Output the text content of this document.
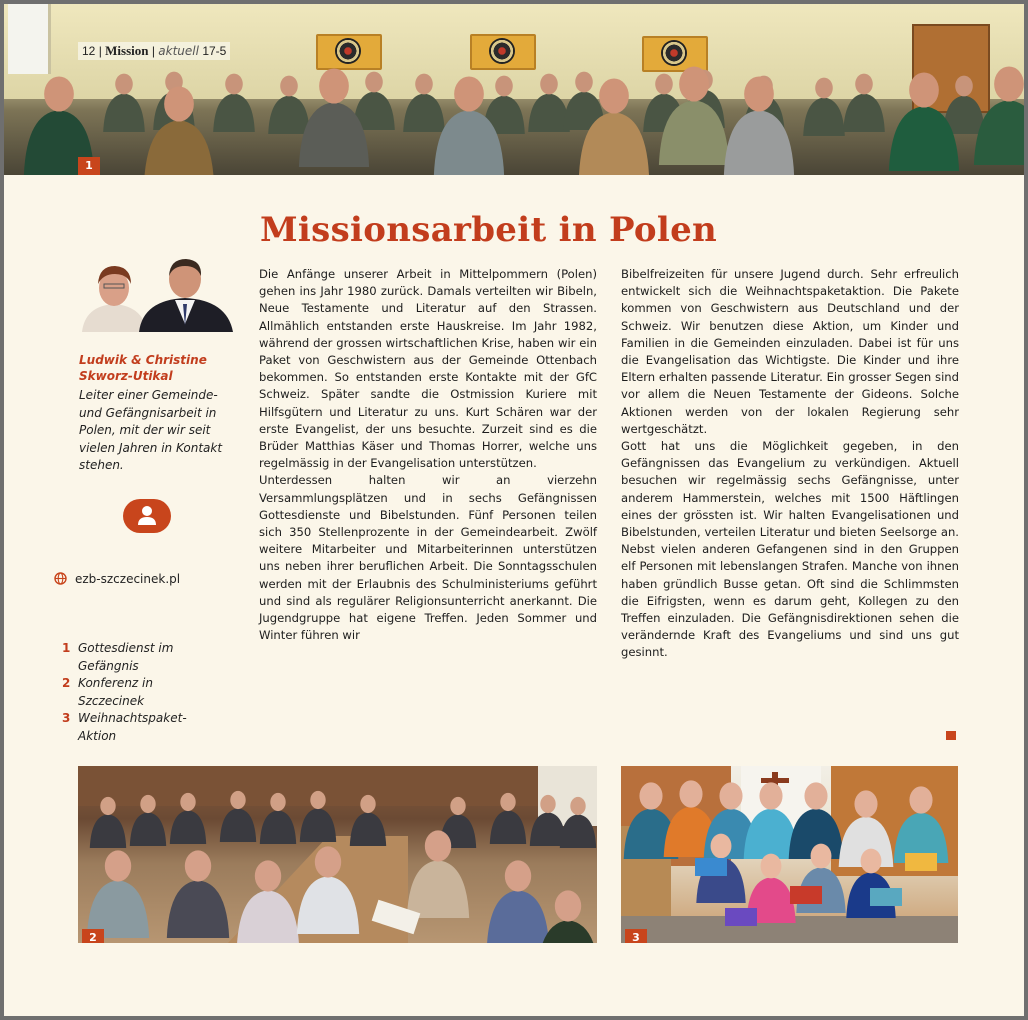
12 | Mission | aktuell 17-5
1
Missionsarbeit in Polen
Ludwik & Christine Skworz-Utikal
Leiter einer Gemeinde- und Gefängnisarbeit in Polen, mit der wir seit vielen Jahren in Kontakt stehen.
ezb-szczecinek.pl
1 Gottesdienst im
Gefängnis
2 Konferenz in
Szczecinek
3 Weihnachtspaket-
Aktion

Die Anfänge unserer Arbeit in Mittelpommern (Polen) gehen ins Jahr 1980 zurück. Damals verteilten wir Bibeln, Neue Testamente und Literatur auf den Strassen. Allmählich entstanden erste Hauskreise. Im Jahr 1982, während der grossen wirtschaftlichen Krise, haben wir ein Paket von Geschwistern aus der Gemeinde Ottenbach bekommen. So entstanden erste Kontakte mit der GfC Schweiz. Später sandte die Ostmission Kuriere mit Hilfsgütern und Literatur zu uns. Kurt Schären war der erste Evangelist, der uns besuchte. Zurzeit sind es die Brüder Matthias Käser und Thomas Horrer, welche uns regelmässig in der Evangelisation unterstützen.

Unterdessen halten wir an vierzehn Versammlungsplätzen und in sechs Gefängnissen Gottesdienste und Bibelstunden. Fünf Personen teilen sich 350 Stellenprozente in der Gemeindearbeit. Zwölf weitere Mitarbeiter und Mitarbeiterinnen unterstützen uns neben ihrer beruflichen Arbeit. Die Sonntagsschulen werden mit der Erlaubnis des Schulministeriums geführt und sind als regulärer Religionsunterricht anerkannt. Die Jugendgruppe hat eigene Treffen. Jeden Sommer und Winter führen wir

Bibelfreizeiten für unsere Jugend durch. Sehr erfreulich entwickelt sich die Weihnachtspaketaktion. Die Pakete kommen von Geschwistern aus Deutschland und der Schweiz. Wir benutzen diese Aktion, um Kinder und Familien in die Gemeinden einzuladen. Dabei ist für uns die Evangelisation das Wichtigste. Die Kinder und ihre Eltern erhalten passende Literatur. Ein grosser Segen sind vor allem die Neuen Testamente der Gideons. Solche Aktionen werden von der lokalen Regierung sehr wertgeschätzt.

Gott hat uns die Möglichkeit gegeben, in den Gefängnissen das Evangelium zu verkündigen. Aktuell besuchen wir regelmässig sechs Gefängnisse, unter anderem Hammerstein, welches mit 1500 Häftlingen eines der grössten ist. Wir halten Evangelisationen und Bibelstunden, verteilen Literatur und bieten Seelsorge an. Nebst vielen anderen Gefangenen sind in den Gruppen elf Personen mit lebenslangen Strafen. Manche von ihnen haben gründlich Busse getan. Oft sind die Schlimmsten die Eifrigsten, wenn es darum geht, Kollegen zu den Treffen einzuladen. Die Gefängnisdirektionen sehen die verändernde Kraft des Evangeliums und sind uns gut gesinnt.

2	3
